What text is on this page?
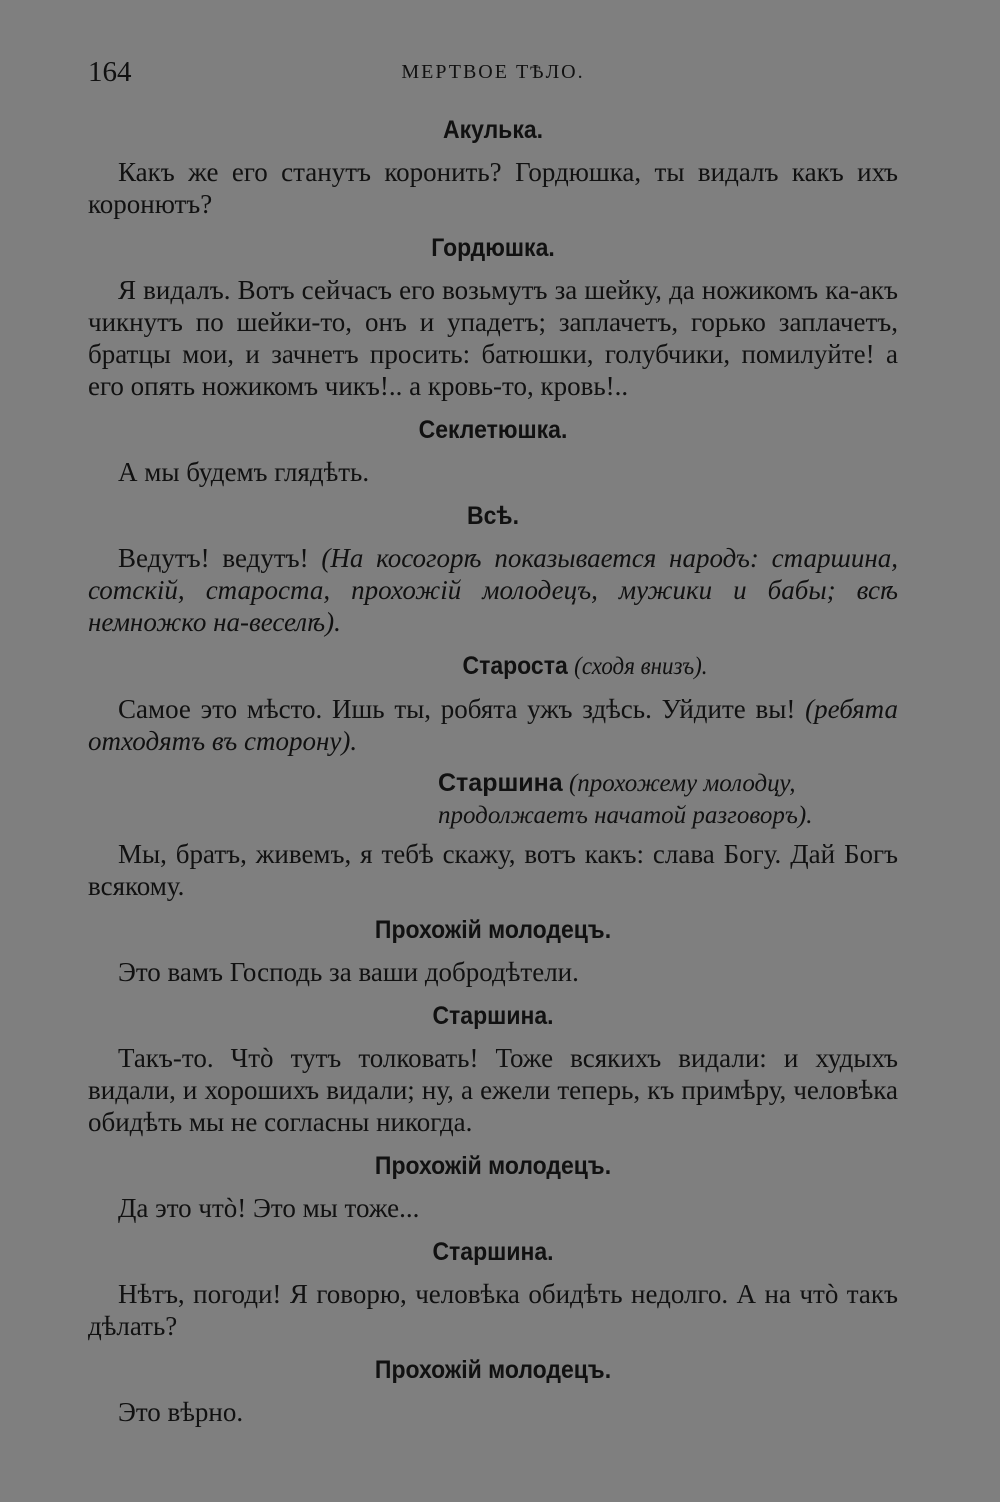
164	МЕРТВОЕ ТѢЛО.
Акулька.

Какъ же его станутъ коронить? Гордюшка, ты видалъ какъ ихъ коронютъ?

Гордюшка.

Я видалъ. Вотъ сейчасъ его возьмутъ за шейку, да ножикомъ ка-акъ чикнутъ по шейки-то, онъ и упадетъ; заплачетъ, горько заплачетъ, братцы мои, и зачнетъ просить: батюшки, голубчики, помилуйте! а его опять ножикомъ чикъ!.. а кровь-то, кровь!..

Секлетюшка.

А мы будемъ глядѣть.

Всѣ.

Ведутъ! ведутъ! (На косогорѣ показывается народъ: старшина, сотскій, староста, прохожій молодецъ, мужики и бабы; всѣ немножко на-веселѣ).

Староста (сходя внизъ).

Самое это мѣсто. Ишь ты, робята ужъ здѣсь. Уйдите вы! (ребята отходятъ въ сторону).

Старшина (прохожему молодцу, продолжаетъ начатой разговоръ).

Мы, братъ, живемъ, я тебѣ скажу, вотъ какъ: слава Богу. Дай Богъ всякому.

Прохожій молодецъ.

Это вамъ Господь за ваши добродѣтели.

Старшина.

Такъ-то. Чтò тутъ толковать! Тоже всякихъ видали: и худыхъ видали, и хорошихъ видали; ну, а ежели теперь, къ примѣру, человѣка обидѣть мы не согласны никогда.

Прохожій молодецъ.

Да это чтò! Это мы тоже...

Старшина.

Нѣтъ, погоди! Я говорю, человѣка обидѣть недолго. А на чтò такъ дѣлать?

Прохожій молодецъ.

Это вѣрно.
